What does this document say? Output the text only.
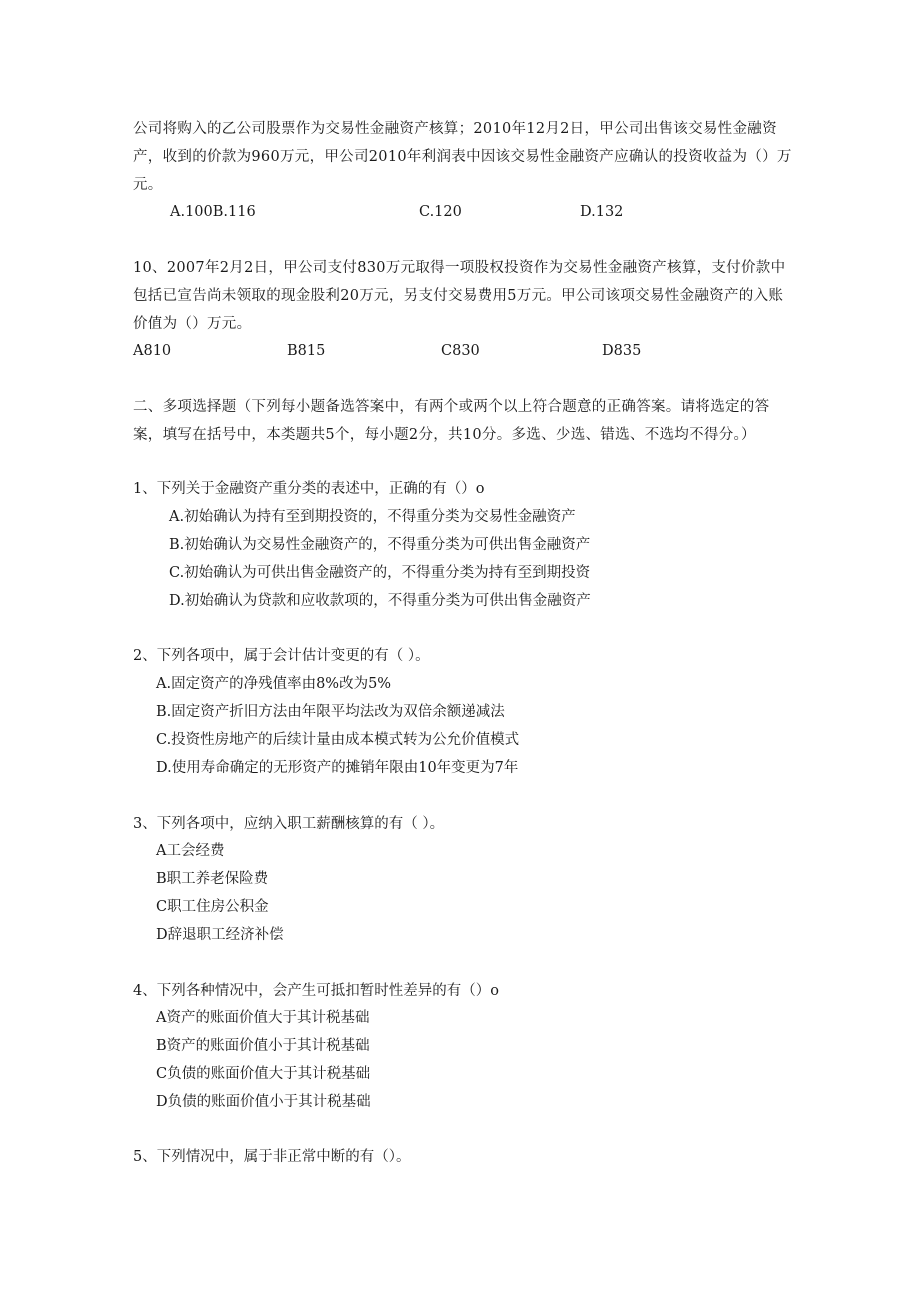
公司将购入的乙公司股票作为交易性金融资产核算；2010年12月2日，甲公司出售该交易性金融资产，收到的价款为960万元，甲公司2010年利润表中因该交易性金融资产应确认的投资收益为（）万元。
A.100B.116	C.120	D.132
10、2007年2月2日，甲公司支付830万元取得一项股权投资作为交易性金融资产核算，支付价款中包括已宣告尚未领取的现金股利20万元，另支付交易费用5万元。甲公司该项交易性金融资产的入账价值为（）万元。
A810	B815	C830	D835
二、多项选择题（下列每小题备选答案中，有两个或两个以上符合题意的正确答案。请将选定的答案，填写在括号中，本类题共5个，每小题2分，共10分。多选、少选、错选、不选均不得分。）
1、下列关于金融资产重分类的表述中，正确的有（）o
A.初始确认为持有至到期投资的，不得重分类为交易性金融资产
B.初始确认为交易性金融资产的，不得重分类为可供出售金融资产
C.初始确认为可供出售金融资产的，不得重分类为持有至到期投资
D.初始确认为贷款和应收款项的，不得重分类为可供出售金融资产
2、下列各项中，属于会计估计变更的有（ ）。
A.固定资产的净残值率由8%改为5%
B.固定资产折旧方法由年限平均法改为双倍余额递减法
C.投资性房地产的后续计量由成本模式转为公允价值模式
D.使用寿命确定的无形资产的摊销年限由10年变更为7年
3、下列各项中，应纳入职工薪酬核算的有（ ）。
A工会经费
B职工养老保险费
C职工住房公积金
D辞退职工经济补偿
4、下列各种情况中，会产生可抵扣暂时性差异的有（）o
A资产的账面价值大于其计税基础
B资产的账面价值小于其计税基础
C负债的账面价值大于其计税基础
D负债的账面价值小于其计税基础
5、下列情况中，属于非正常中断的有（）。
